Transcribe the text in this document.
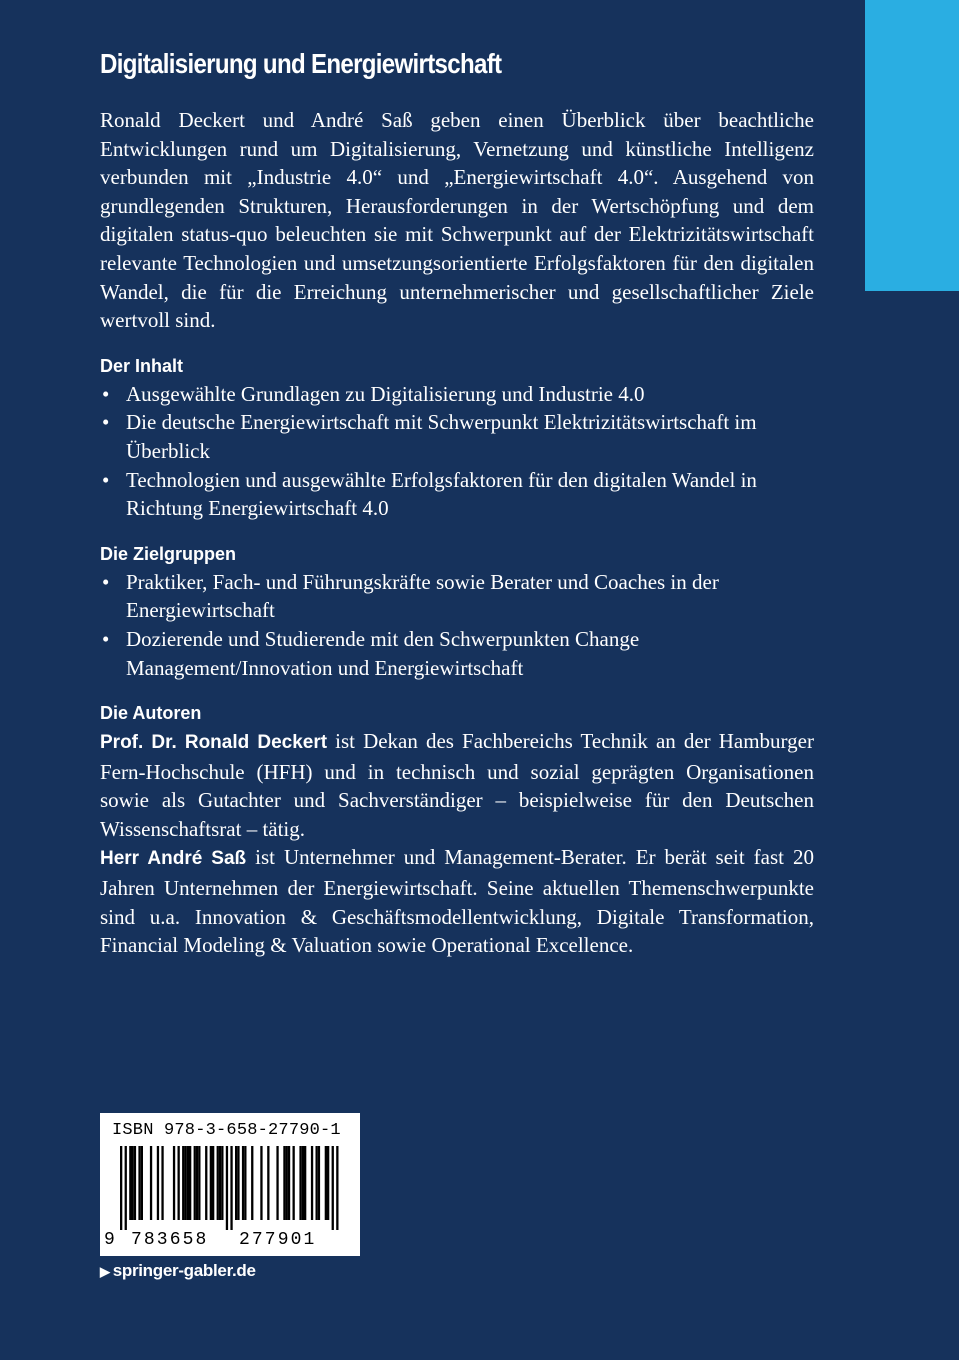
Digitalisierung und Energiewirtschaft

Ronald Deckert und André Saß geben einen Überblick über beachtliche Entwicklungen rund um Digitalisierung, Vernetzung und künstliche Intelligenz verbunden mit „Industrie 4.0“ und „Energiewirtschaft 4.0“. Ausgehend von grundlegenden Strukturen, Herausforderungen in der Wertschöpfung und dem digitalen status-quo beleuchten sie mit Schwerpunkt auf der Elektrizitätswirtschaft relevante Technologien und umsetzungsorientierte Erfolgsfaktoren für den digitalen Wandel, die für die Erreichung unternehmerischer und gesellschaftlicher Ziele wertvoll sind.

Der Inhalt
• Ausgewählte Grundlagen zu Digitalisierung und Industrie 4.0
• Die deutsche Energiewirtschaft mit Schwerpunkt Elektrizitätswirtschaft im Überblick
• Technologien und ausgewählte Erfolgsfaktoren für den digitalen Wandel in Richtung Energiewirtschaft 4.0
Die Zielgruppen
• Praktiker, Fach- und Führungskräfte sowie Berater und Coaches in der Energiewirtschaft
• Dozierende und Studierende mit den Schwerpunkten Change Management/Innovation und Energiewirtschaft
Die Autoren

Prof. Dr. Ronald Deckert ist Dekan des Fachbereichs Technik an der Hamburger Fern-Hochschule (HFH) und in technisch und sozial geprägten Organisationen sowie als Gutachter und Sachverständiger – beispielweise für den Deutschen Wissenschaftsrat – tätig.

Herr André Saß ist Unternehmer und Management-Berater. Er berät seit fast 20 Jahren Unternehmen der Energiewirtschaft. Seine aktuellen Themenschwerpunkte sind u.a. Innovation & Geschäftsmodellentwicklung, Digitale Transformation, Financial Modeling & Valuation sowie Operational Excellence.

ISBN 978-3-658-27790-1
9 783658 277901
▶ springer-gabler.de
